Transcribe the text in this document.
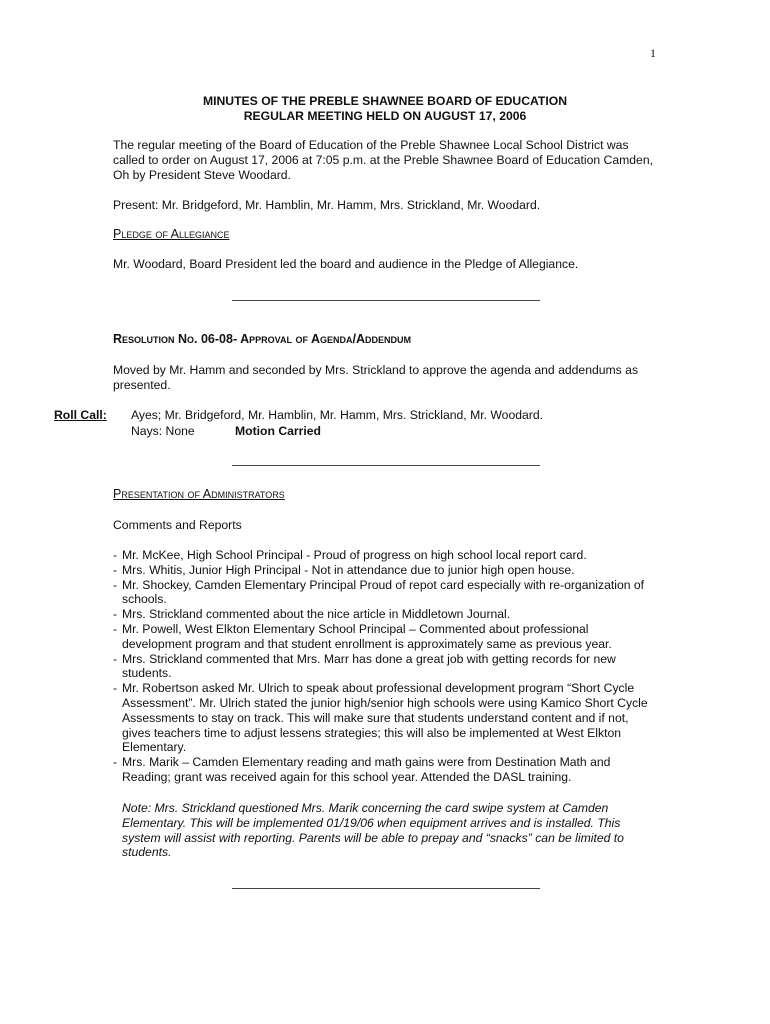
1
MINUTES OF THE PREBLE SHAWNEE BOARD OF EDUCATION
REGULAR MEETING HELD ON AUGUST 17, 2006
The regular meeting of the Board of Education of the Preble Shawnee Local School District was called to order on August 17, 2006 at 7:05 p.m. at the Preble Shawnee Board of Education Camden, Oh by President Steve Woodard.
Present: Mr. Bridgeford, Mr. Hamblin, Mr. Hamm, Mrs. Strickland, Mr. Woodard.
Pledge of Allegiance
Mr. Woodard, Board President led the board and audience in the Pledge of Allegiance.
Resolution No. 06-08- Approval of Agenda/Addendum
Moved by Mr. Hamm and seconded by Mrs. Strickland to approve the agenda and addendums as presented.
Roll Call: Ayes; Mr. Bridgeford, Mr. Hamblin, Mr. Hamm, Mrs. Strickland, Mr. Woodard.
Nays: None	Motion Carried
Presentation of Administrators
Comments and Reports
- Mr. McKee, High School Principal - Proud of progress on high school local report card.
- Mrs. Whitis, Junior High Principal - Not in attendance due to junior high open house.
- Mr. Shockey, Camden Elementary Principal Proud of repot card especially with re-organization of schools.
- Mrs. Strickland commented about the nice article in Middletown Journal.
- Mr. Powell, West Elkton Elementary School Principal – Commented about professional development program and that student enrollment is approximately same as previous year.
- Mrs. Strickland commented that Mrs. Marr has done a great job with getting records for new students.
- Mr. Robertson asked Mr. Ulrich to speak about professional development program “Short Cycle Assessment”. Mr. Ulrich stated the junior high/senior high schools were using Kamico Short Cycle Assessments to stay on track. This will make sure that students understand content and if not, gives teachers time to adjust lessens strategies; this will also be implemented at West Elkton Elementary.
- Mrs. Marik – Camden Elementary reading and math gains were from Destination Math and Reading; grant was received again for this school year. Attended the DASL training.
Note: Mrs. Strickland questioned Mrs. Marik concerning the card swipe system at Camden Elementary. This will be implemented 01/19/06 when equipment arrives and is installed. This system will assist with reporting. Parents will be able to prepay and “snacks” can be limited to students.
